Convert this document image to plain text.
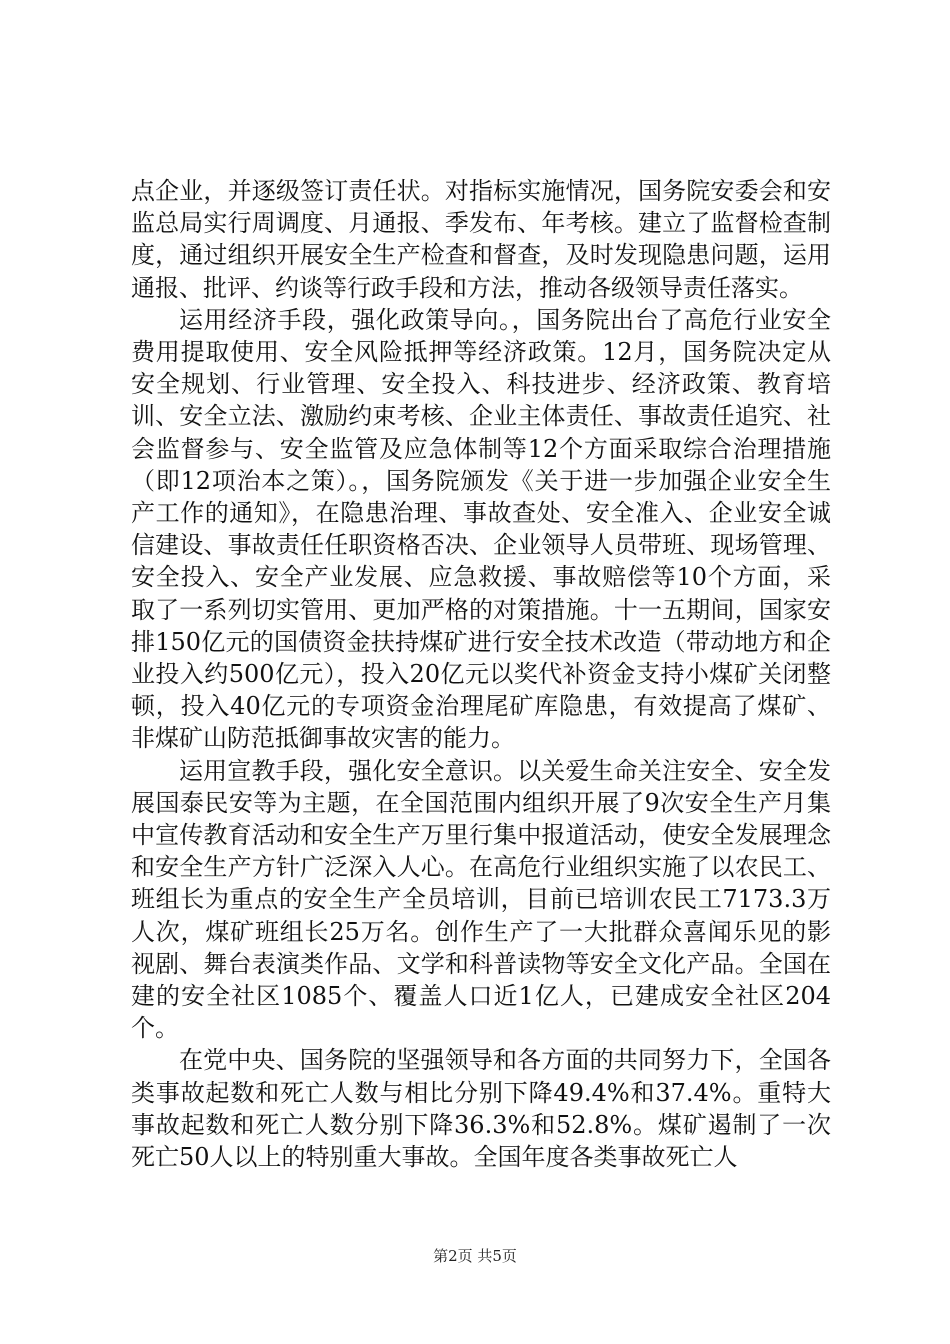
点企业，并逐级签订责任状。对指标实施情况，国务院安委会和安监总局实行周调度、月通报、季发布、年考核。建立了监督检查制度，通过组织开展安全生产检查和督查，及时发现隐患问题，运用通报、批评、约谈等行政手段和方法，推动各级领导责任落实。

运用经济手段，强化政策导向。，国务院出台了高危行业安全费用提取使用、安全风险抵押等经济政策。12月，国务院决定从安全规划、行业管理、安全投入、科技进步、经济政策、教育培训、安全立法、激励约束考核、企业主体责任、事故责任追究、社会监督参与、安全监管及应急体制等12个方面采取综合治理措施（即12项治本之策）。，国务院颁发《关于进一步加强企业安全生产工作的通知》，在隐患治理、事故查处、安全准入、企业安全诚信建设、事故责任任职资格否决、企业领导人员带班、现场管理、安全投入、安全产业发展、应急救援、事故赔偿等10个方面，采取了一系列切实管用、更加严格的对策措施。十一五期间，国家安排150亿元的国债资金扶持煤矿进行安全技术改造（带动地方和企业投入约500亿元），投入20亿元以奖代补资金支持小煤矿关闭整顿，投入40亿元的专项资金治理尾矿库隐患，有效提高了煤矿、非煤矿山防范抵御事故灾害的能力。

运用宣教手段，强化安全意识。以关爱生命关注安全、安全发展国泰民安等为主题，在全国范围内组织开展了9次安全生产月集中宣传教育活动和安全生产万里行集中报道活动，使安全发展理念和安全生产方针广泛深入人心。在高危行业组织实施了以农民工、班组长为重点的安全生产全员培训，目前已培训农民工7173.3万人次，煤矿班组长25万名。创作生产了一大批群众喜闻乐见的影视剧、舞台表演类作品、文学和科普读物等安全文化产品。全国在建的安全社区1085个、覆盖人口近1亿人，已建成安全社区204个。

在党中央、国务院的坚强领导和各方面的共同努力下，全国各类事故起数和死亡人数与相比分别下降49.4%和37.4%。重特大事故起数和死亡人数分别下降36.3%和52.8%。煤矿遏制了一次死亡50人以上的特别重大事故。全国年度各类事故死亡人

第2页 共5页
